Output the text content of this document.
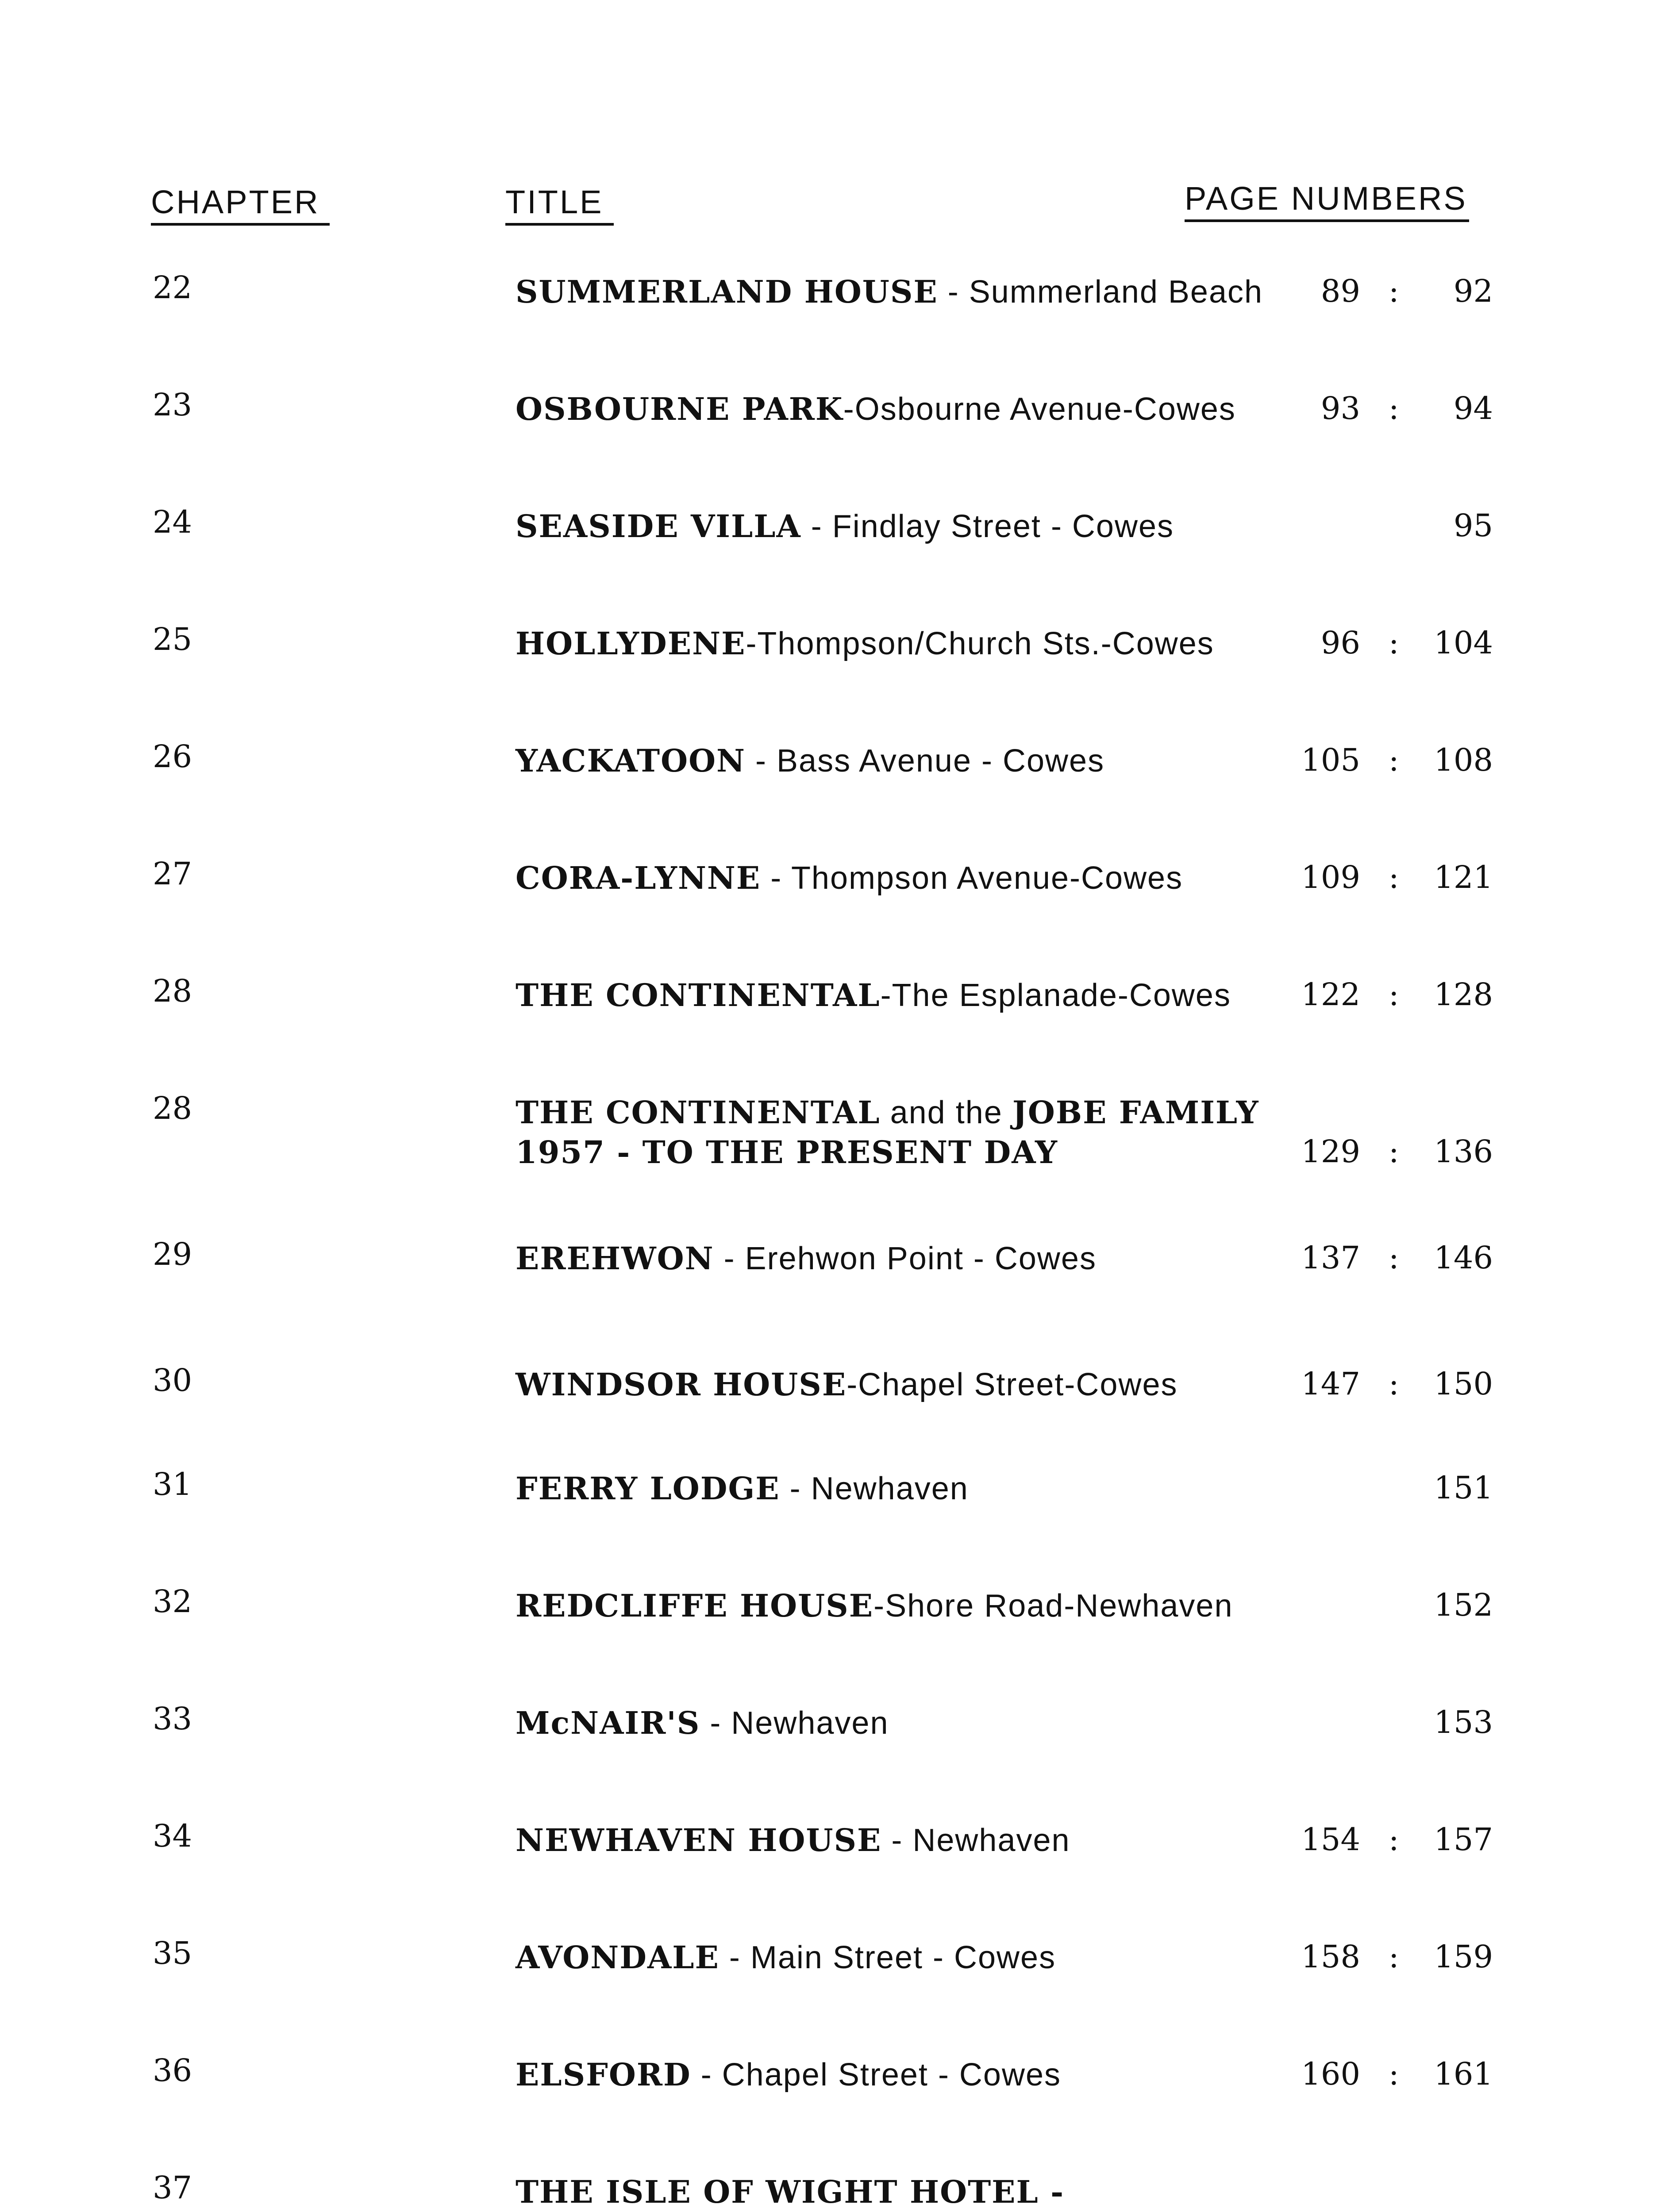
CHAPTER	TITLE	PAGE NUMBERS
22	SUMMERLAND HOUSE - Summerland Beach 89 : 92
23	OSBOURNE PARK-Osbourne Avenue-Cowes	93 : 94
24	SEASIDE VILLA - Findlay Street - Cowes	95
25	HOLLYDENE-Thompson/Church Sts.-Cowes	96 : 104
26	YACKATOON - Bass Avenue - Cowes	105 : 108
27	CORA-LYNNE - Thompson Avenue-Cowes	109 : 121
28	THE CONTINENTAL-The Esplanade-Cowes 122 : 128
28	THE CONTINENTAL and the JOBE FAMILY
1957 - TO THE PRESENT DAY	129 : 136
29	EREHWON - Erehwon Point - Cowes	137 : 146
30	WINDSOR HOUSE-Chapel Street-Cowes	147 : 150
31	FERRY LODGE - Newhaven	151
32	REDCLIFFE HOUSE-Shore Road-Newhaven	152
33	McNAIR'S - Newhaven	153
34	NEWHAVEN HOUSE - Newhaven	154 : 157
35	AVONDALE - Main Street - Cowes	158 : 159
36	ELSFORD - Chapel Street - Cowes	160 : 161
37	THE ISLE OF WIGHT HOTEL -
